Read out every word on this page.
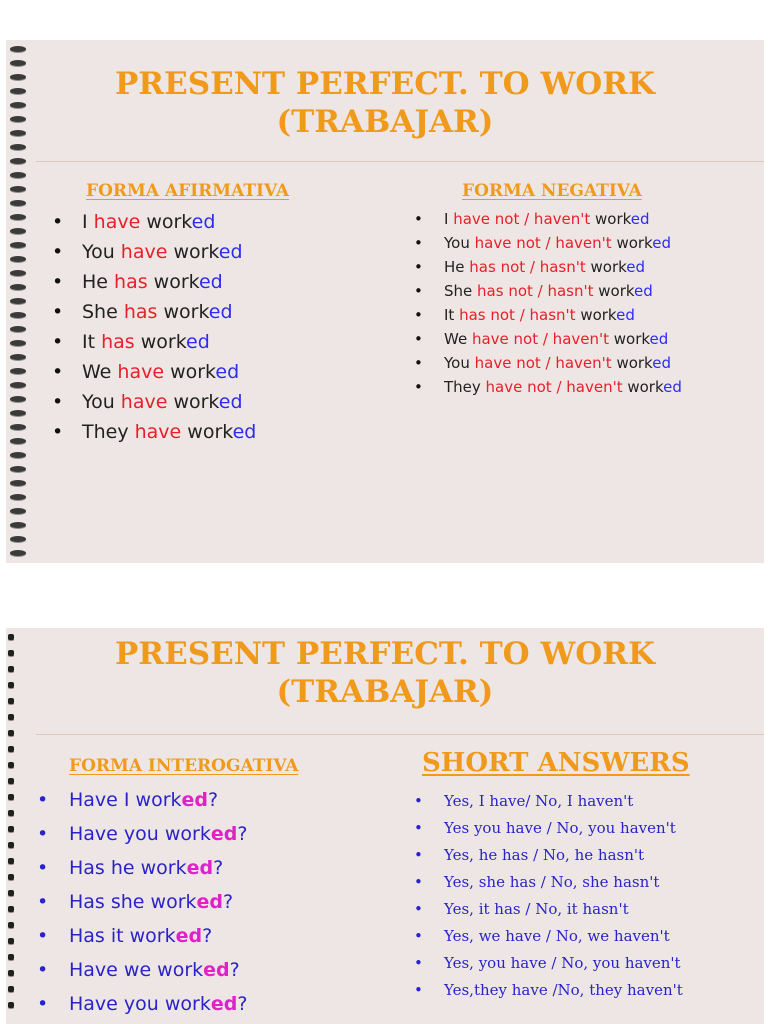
PRESENT PERFECT. TO WORK
(TRABAJAR)
FORMA AFIRMATIVA
• I have worked
• You have worked
• He has worked
• She has worked
• It has worked
• We have worked
• You have worked
• They have worked
FORMA NEGATIVA
• I have not / haven't worked
• You have not / haven't worked
• He has not / hasn't worked
• She has not / hasn't worked
• It has not / hasn't worked
• We have not / haven't worked
• You have not / haven't worked
• They have not / haven't worked
PRESENT PERFECT. TO WORK
(TRABAJAR)
FORMA INTEROGATIVA
• Have I worked?
• Have you worked?
• Has he worked?
• Has she worked?
• Has it worked?
• Have we worked?
• Have you worked?
SHORT ANSWERS
• Yes, I have/ No, I haven't
• Yes you have / No, you haven't
• Yes, he has / No, he hasn't
• Yes, she has / No, she hasn't
• Yes, it has / No, it hasn't
• Yes, we have / No, we haven't
• Yes, you have / No, you haven't
• Yes,they have /No, they haven't
